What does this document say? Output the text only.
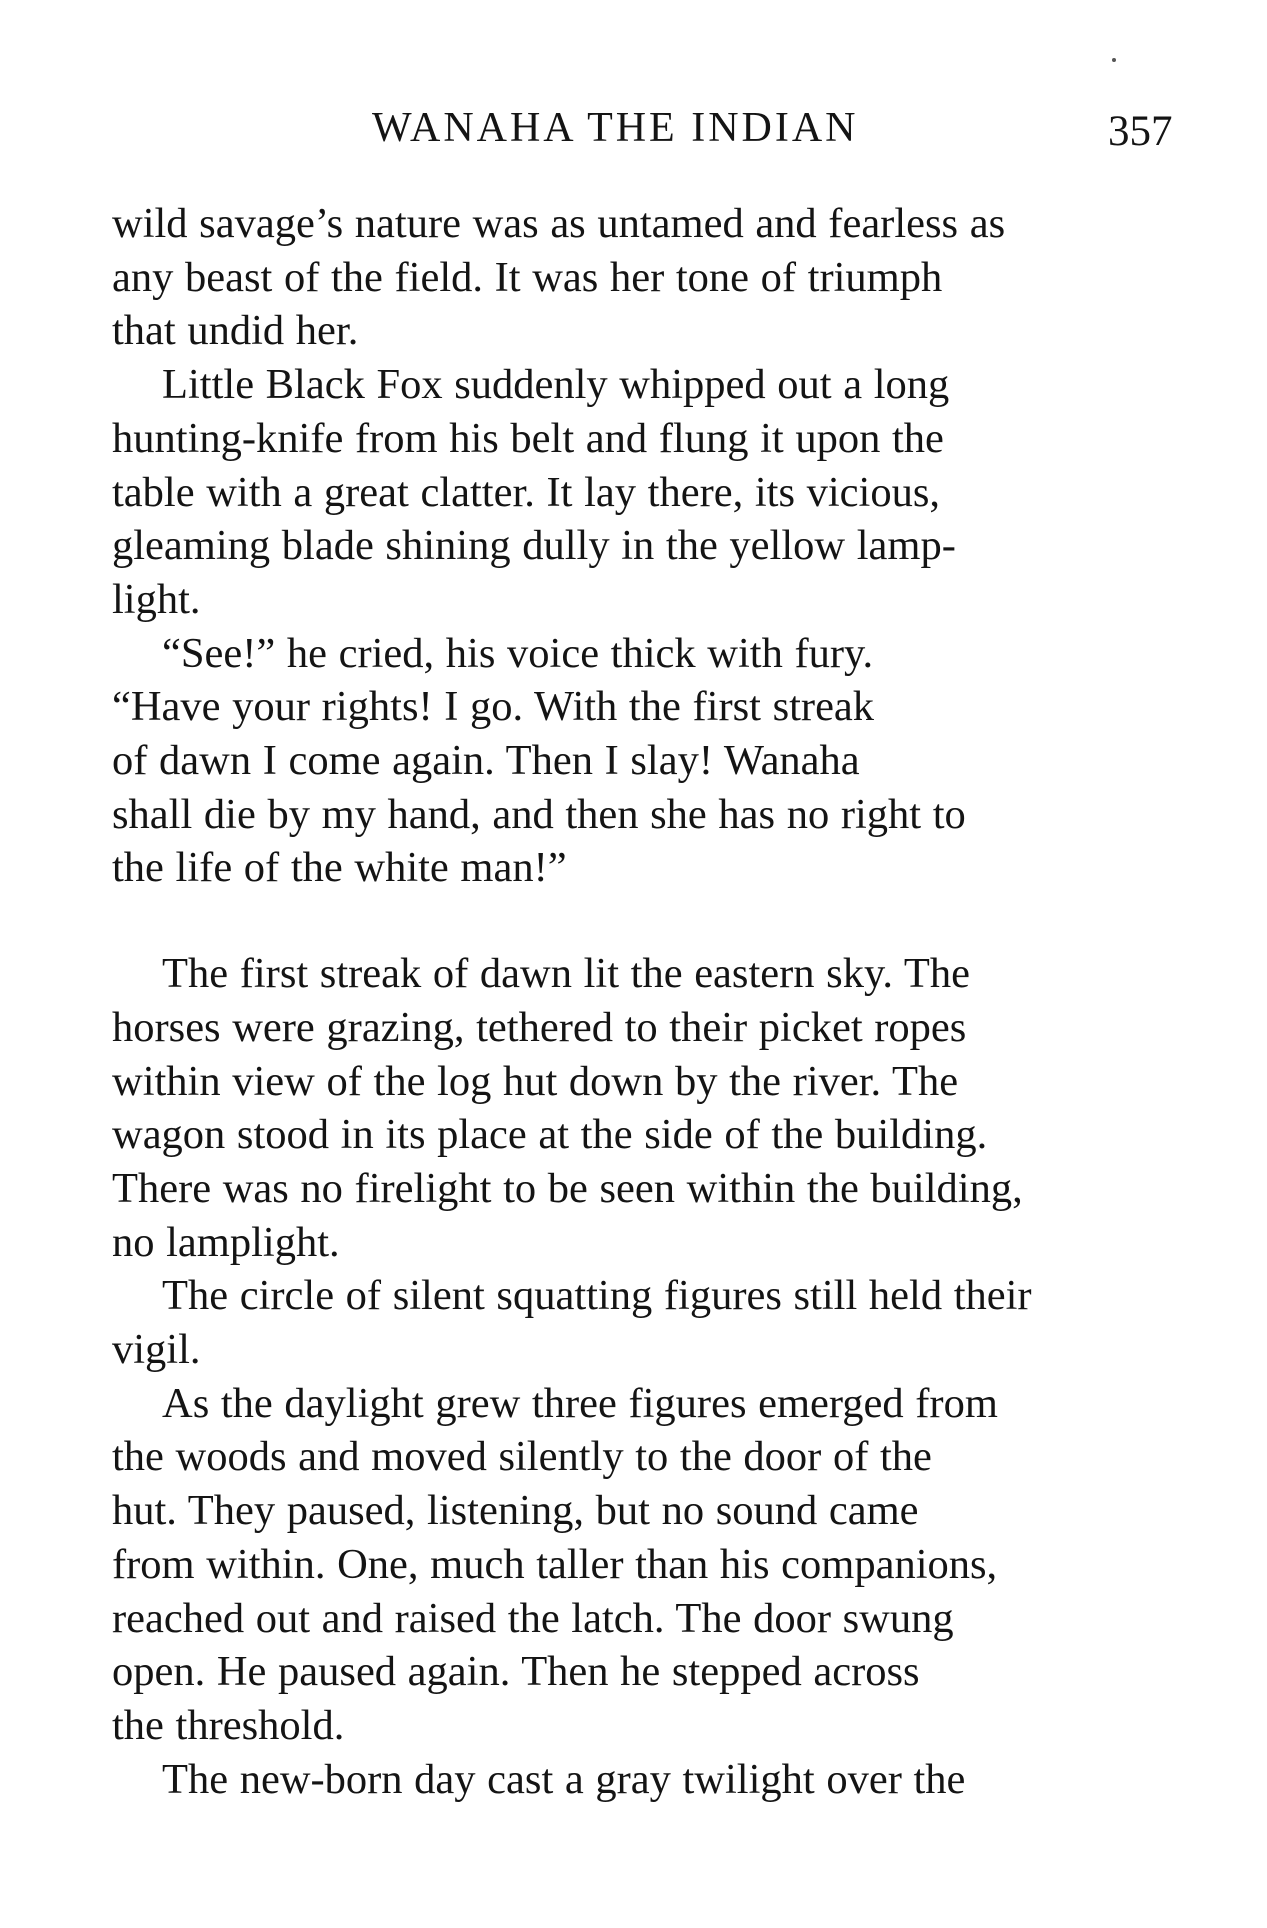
WANAHA THE INDIAN	357

wild savage’s nature was as untamed and fearless as
any beast of the field. It was her tone of triumph
that undid her.

Little Black Fox suddenly whipped out a long
hunting-knife from his belt and flung it upon the
table with a great clatter. It lay there, its vicious,
gleaming blade shining dully in the yellow lamp-
light.

“See!” he cried, his voice thick with fury.
“Have your rights! I go. With the first streak
of dawn I come again. Then I slay! Wanaha
shall die by my hand, and then she has no right to
the life of the white man!”

The first streak of dawn lit the eastern sky. The
horses were grazing, tethered to their picket ropes
within view of the log hut down by the river. The
wagon stood in its place at the side of the building.
There was no firelight to be seen within the building,
no lamplight.

The circle of silent squatting figures still held their
vigil.

As the daylight grew three figures emerged from
the woods and moved silently to the door of the
hut. They paused, listening, but no sound came
from within. One, much taller than his companions,
reached out and raised the latch. The door swung
open. He paused again. Then he stepped across
the threshold.

The new-born day cast a gray twilight over the
